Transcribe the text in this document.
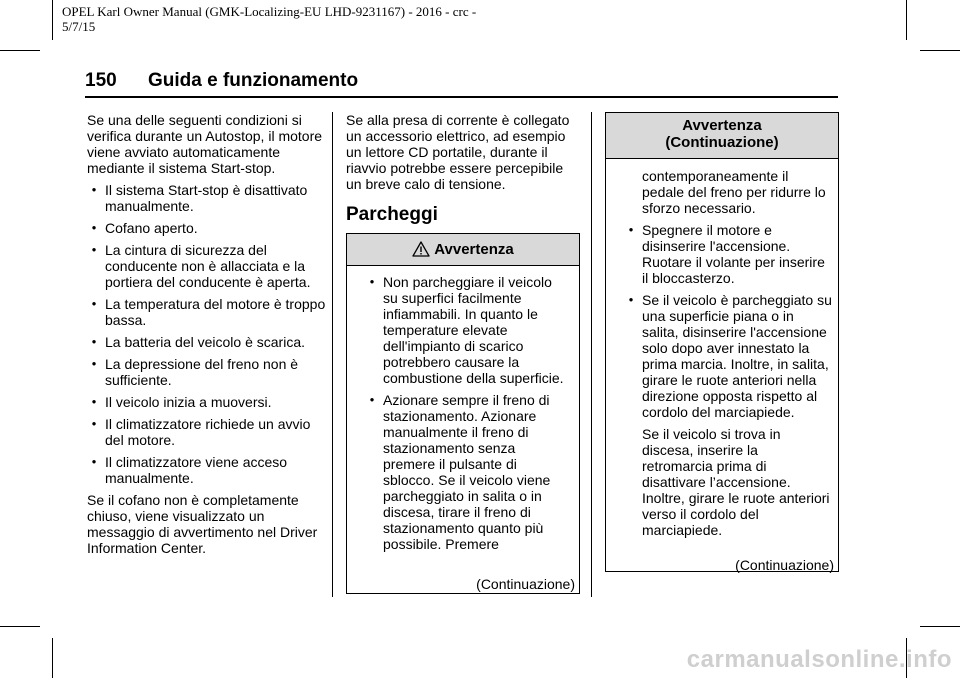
OPEL Karl Owner Manual (GMK-Localizing-EU LHD-9231167) - 2016 - crc - 5/7/15
150 Guida e funzionamento

Se una delle seguenti condizioni si verifica durante un Autostop, il motore viene avviato automaticamente mediante il sistema Start-stop.

● Il sistema Start-stop è disattivato manualmente.
● Cofano aperto.
● La cintura di sicurezza del conducente non è allacciata e la portiera del conducente è aperta.
● La temperatura del motore è troppo bassa.
● La batteria del veicolo è scarica.
● La depressione del freno non è sufficiente.
● Il veicolo inizia a muoversi.
● Il climatizzatore richiede un avvio del motore.
● Il climatizzatore viene acceso manualmente.

Se il cofano non è completamente chiuso, viene visualizzato un messaggio di avvertimento nel Driver Information Center.

Se alla presa di corrente è collegato un accessorio elettrico, ad esempio un lettore CD portatile, durante il riavvio potrebbe essere percepibile un breve calo di tensione.

Parcheggi

Avvertenza
● Non parcheggiare il veicolo su superfici facilmente infiammabili. In quanto le temperature elevate dell'impianto di scarico potrebbero causare la combustione della superficie.
● Azionare sempre il freno di stazionamento. Azionare manualmente il freno di stazionamento senza premere il pulsante di sblocco. Se il veicolo viene parcheggiato in salita o in discesa, tirare il freno di stazionamento quanto più possibile. Premere
(Continuazione)
Avvertenza
(Continuazione)

contemporaneamente il pedale del freno per ridurre lo sforzo necessario.

● Spegnere il motore e disinserire l'accensione. Ruotare il volante per inserire il bloccasterzo.
● Se il veicolo è parcheggiato su una superficie piana o in salita, disinserire l'accensione solo dopo aver innestato la prima marcia. Inoltre, in salita, girare le ruote anteriori nella direzione opposta rispetto al cordolo del marciapiede.

Se il veicolo si trova in discesa, inserire la retromarcia prima di disattivare l’accensione. Inoltre, girare le ruote anteriori verso il cordolo del marciapiede.

(Continuazione)
carmanualsonline.info
